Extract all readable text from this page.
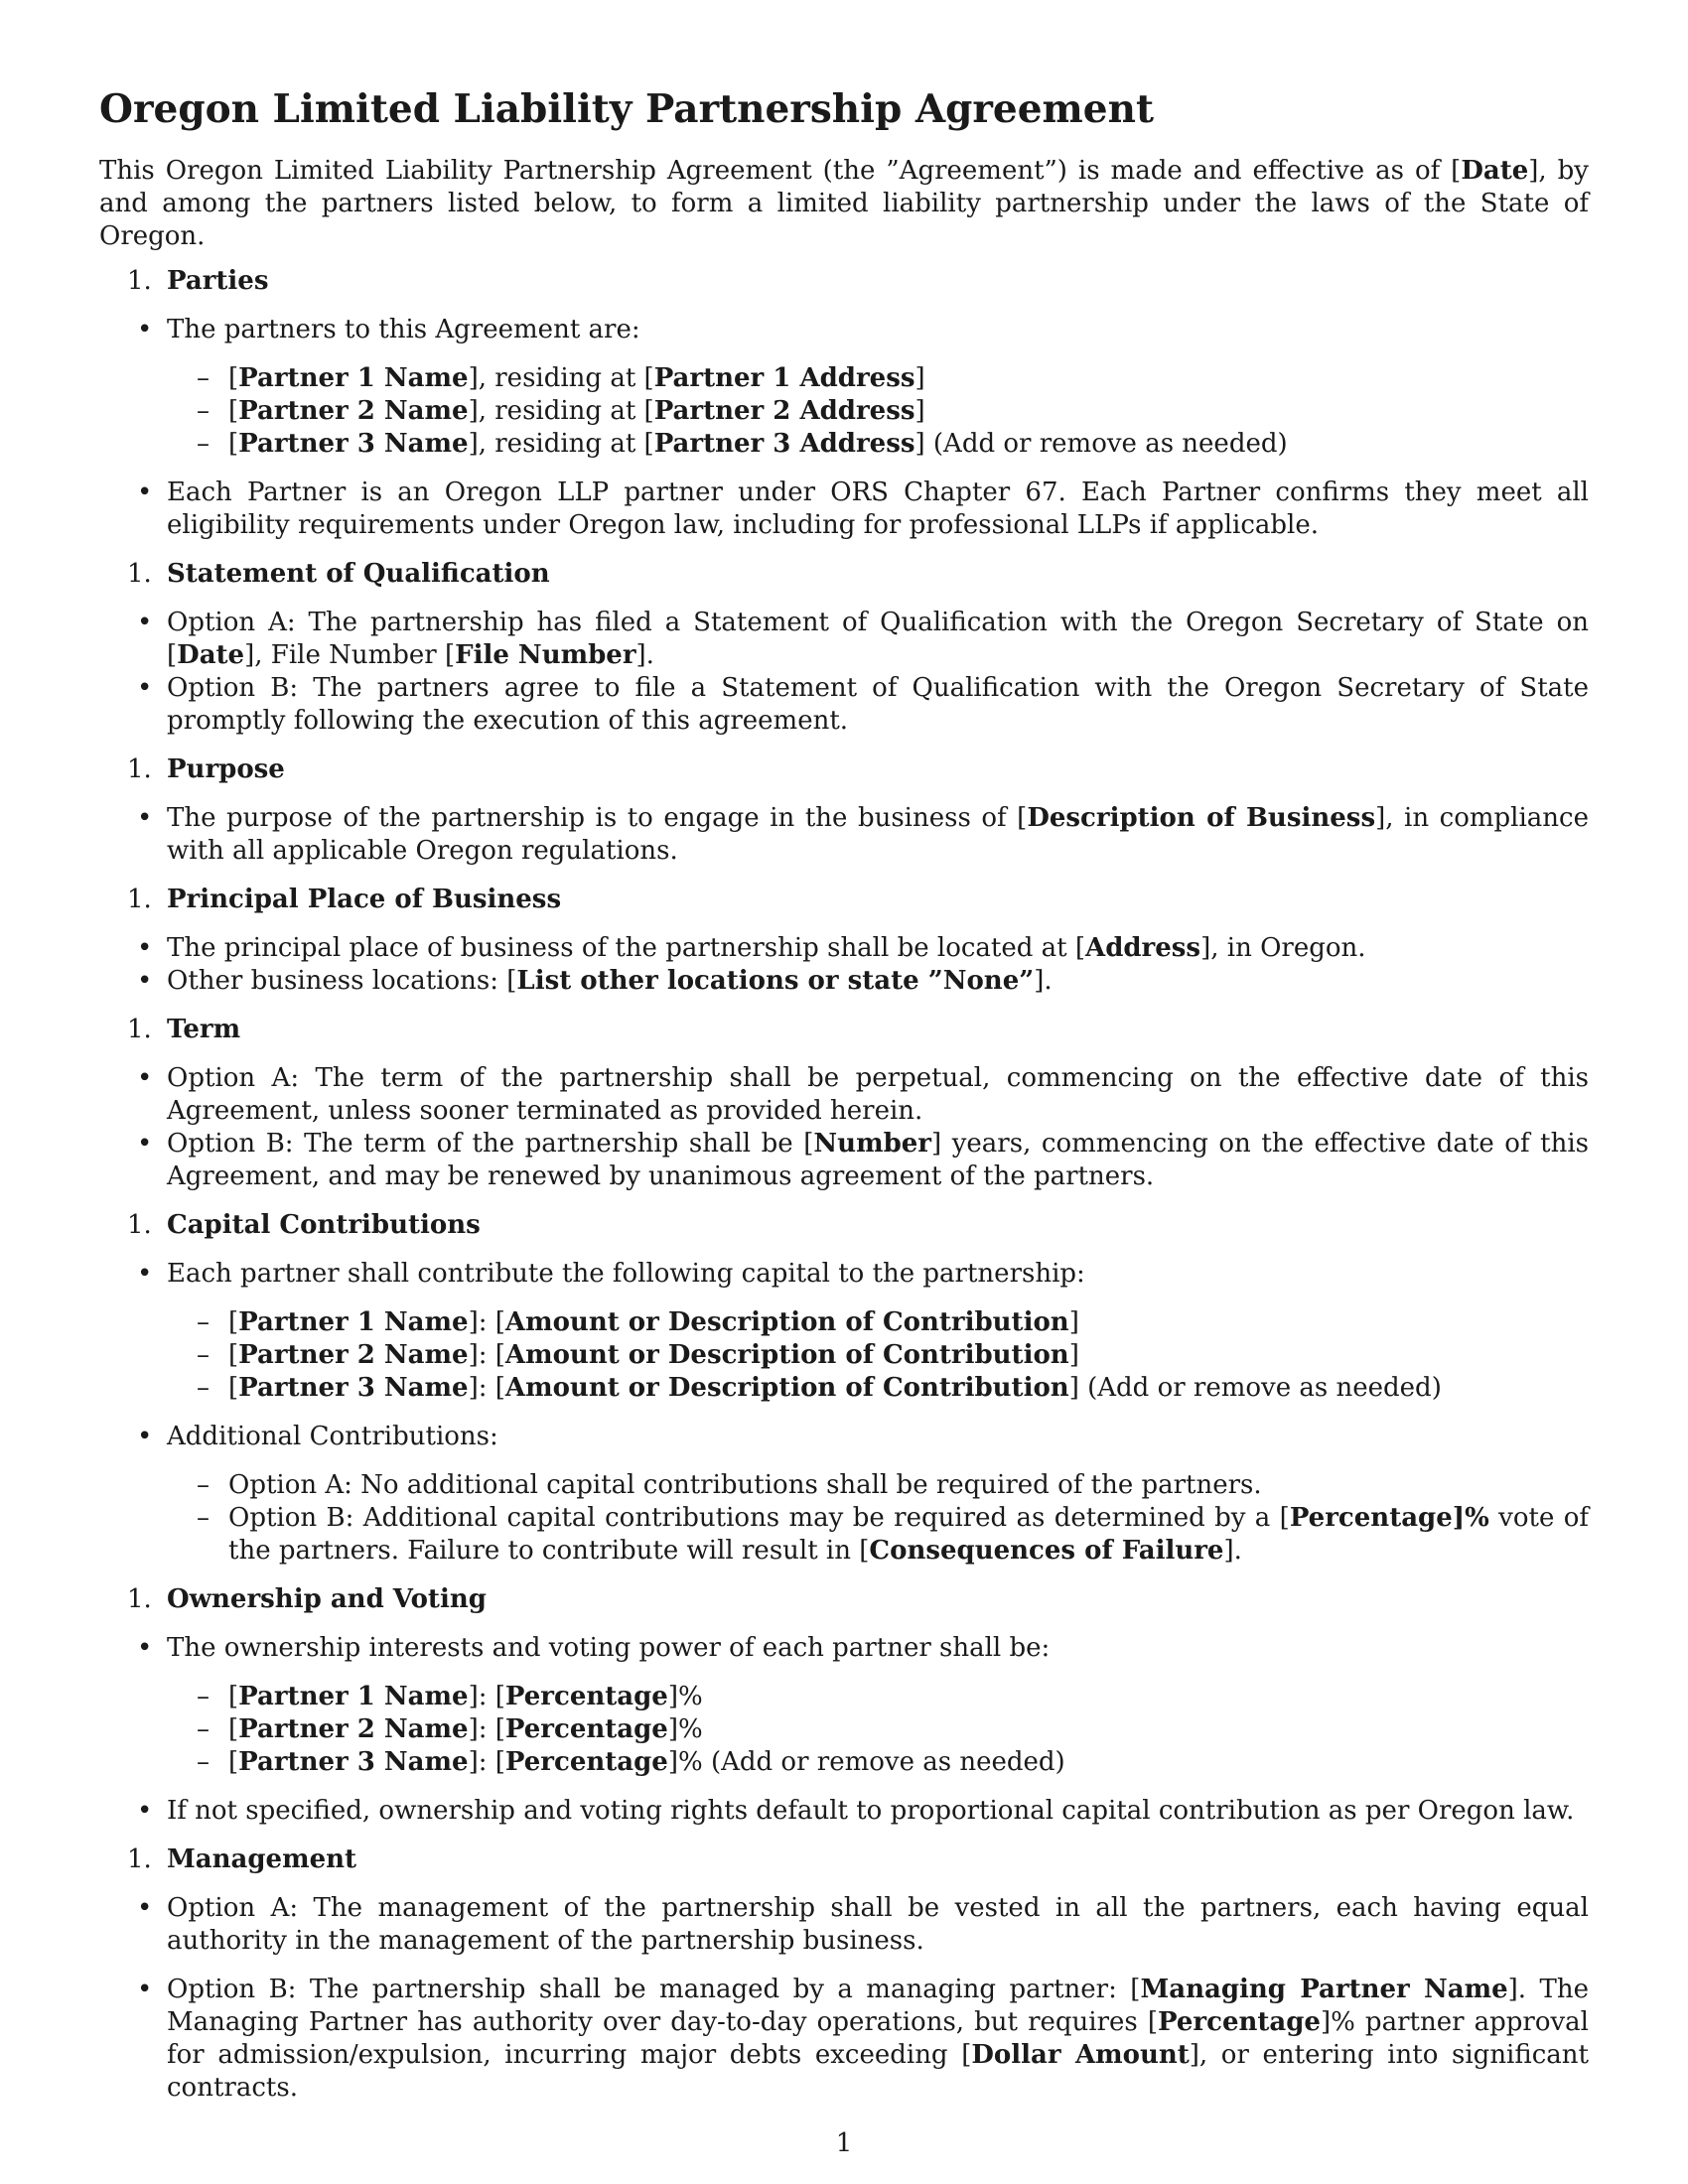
Oregon Limited Liability Partnership Agreement

This Oregon Limited Liability Partnership Agreement (the ”Agreement”) is made and effective as of [Date], by and among the partners listed below, to form a limited liability partnership under the laws of the State of Oregon.

1. Parties
• The partners to this Agreement are:
– [Partner 1 Name], residing at [Partner 1 Address]
– [Partner 2 Name], residing at [Partner 2 Address]
– [Partner 3 Name], residing at [Partner 3 Address] (Add or remove as needed)
• Each Partner is an Oregon LLP partner under ORS Chapter 67. Each Partner confirms they meet all eligibility requirements under Oregon law, including for professional LLPs if applicable.
1. Statement of Qualification
• Option A: The partnership has filed a Statement of Qualification with the Oregon Secretary of State on [Date], File Number [File Number].
• Option B: The partners agree to file a Statement of Qualification with the Oregon Secretary of State promptly following the execution of this agreement.
1. Purpose
• The purpose of the partnership is to engage in the business of [Description of Business], in compliance with all applicable Oregon regulations.
1. Principal Place of Business
• The principal place of business of the partnership shall be located at [Address], in Oregon.
• Other business locations: [List other locations or state ”None”].
1. Term
• Option A: The term of the partnership shall be perpetual, commencing on the effective date of this Agreement, unless sooner terminated as provided herein.
• Option B: The term of the partnership shall be [Number] years, commencing on the effective date of this Agreement, and may be renewed by unanimous agreement of the partners.
1. Capital Contributions
• Each partner shall contribute the following capital to the partnership:
– [Partner 1 Name]: [Amount or Description of Contribution]
– [Partner 2 Name]: [Amount or Description of Contribution]
– [Partner 3 Name]: [Amount or Description of Contribution] (Add or remove as needed)
• Additional Contributions:
– Option A: No additional capital contributions shall be required of the partners.
– Option B: Additional capital contributions may be required as determined by a [Percentage]% vote of the partners. Failure to contribute will result in [Consequences of Failure].
1. Ownership and Voting
• The ownership interests and voting power of each partner shall be:
– [Partner 1 Name]: [Percentage]%
– [Partner 2 Name]: [Percentage]%
– [Partner 3 Name]: [Percentage]% (Add or remove as needed)
• If not specified, ownership and voting rights default to proportional capital contribution as per Oregon law.
1. Management
• Option A: The management of the partnership shall be vested in all the partners, each having equal authority in the management of the partnership business.
• Option B: The partnership shall be managed by a managing partner: [Managing Partner Name]. The Managing Partner has authority over day-to-day operations, but requires [Percentage]% partner approval for admission/expulsion, incurring major debts exceeding [Dollar Amount], or entering into significant contracts.
1
